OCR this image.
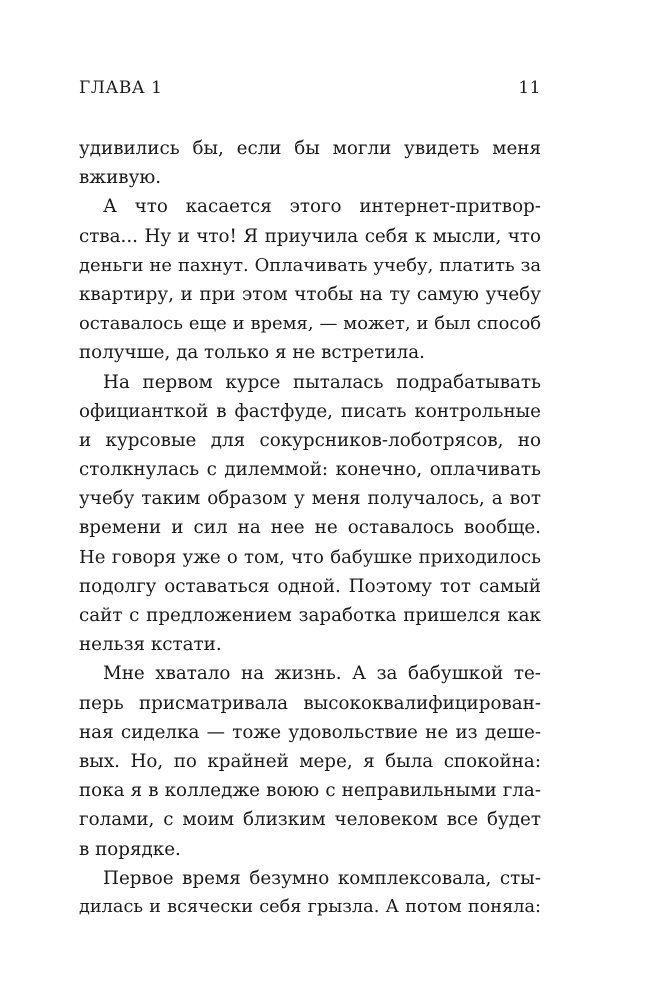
ГЛАВА 1	11
удивились бы, если бы могли увидеть меня
вживую.
А что касается этого интернет-притвор-
ства... Ну и что! Я приучила себя к мысли, что
деньги не пахнут. Оплачивать учебу, платить за
квартиру, и при этом чтобы на ту самую учебу
оставалось еще и время, — может, и был способ
получше, да только я не встретила.
На первом курсе пыталась подрабатывать
официанткой в фастфуде, писать контрольные
и курсовые для сокурсников-лоботрясов, но
столкнулась с дилеммой: конечно, оплачивать
учебу таким образом у меня получалось, а вот
времени и сил на нее не оставалось вообще.
Не говоря уже о том, что бабушке приходилось
подолгу оставаться одной. Поэтому тот самый
сайт с предложением заработка пришелся как
нельзя кстати.
Мне хватало на жизнь. А за бабушкой те-
перь присматривала высококвалифицирован-
ная сиделка — тоже удовольствие не из деше-
вых. Но, по крайней мере, я была спокойна:
пока я в колледже воюю с неправильными гла-
голами, с моим близким человеком все будет
в порядке.
Первое время безумно комплексовала, сты-
дилась и всячески себя грызла. А потом поняла:
